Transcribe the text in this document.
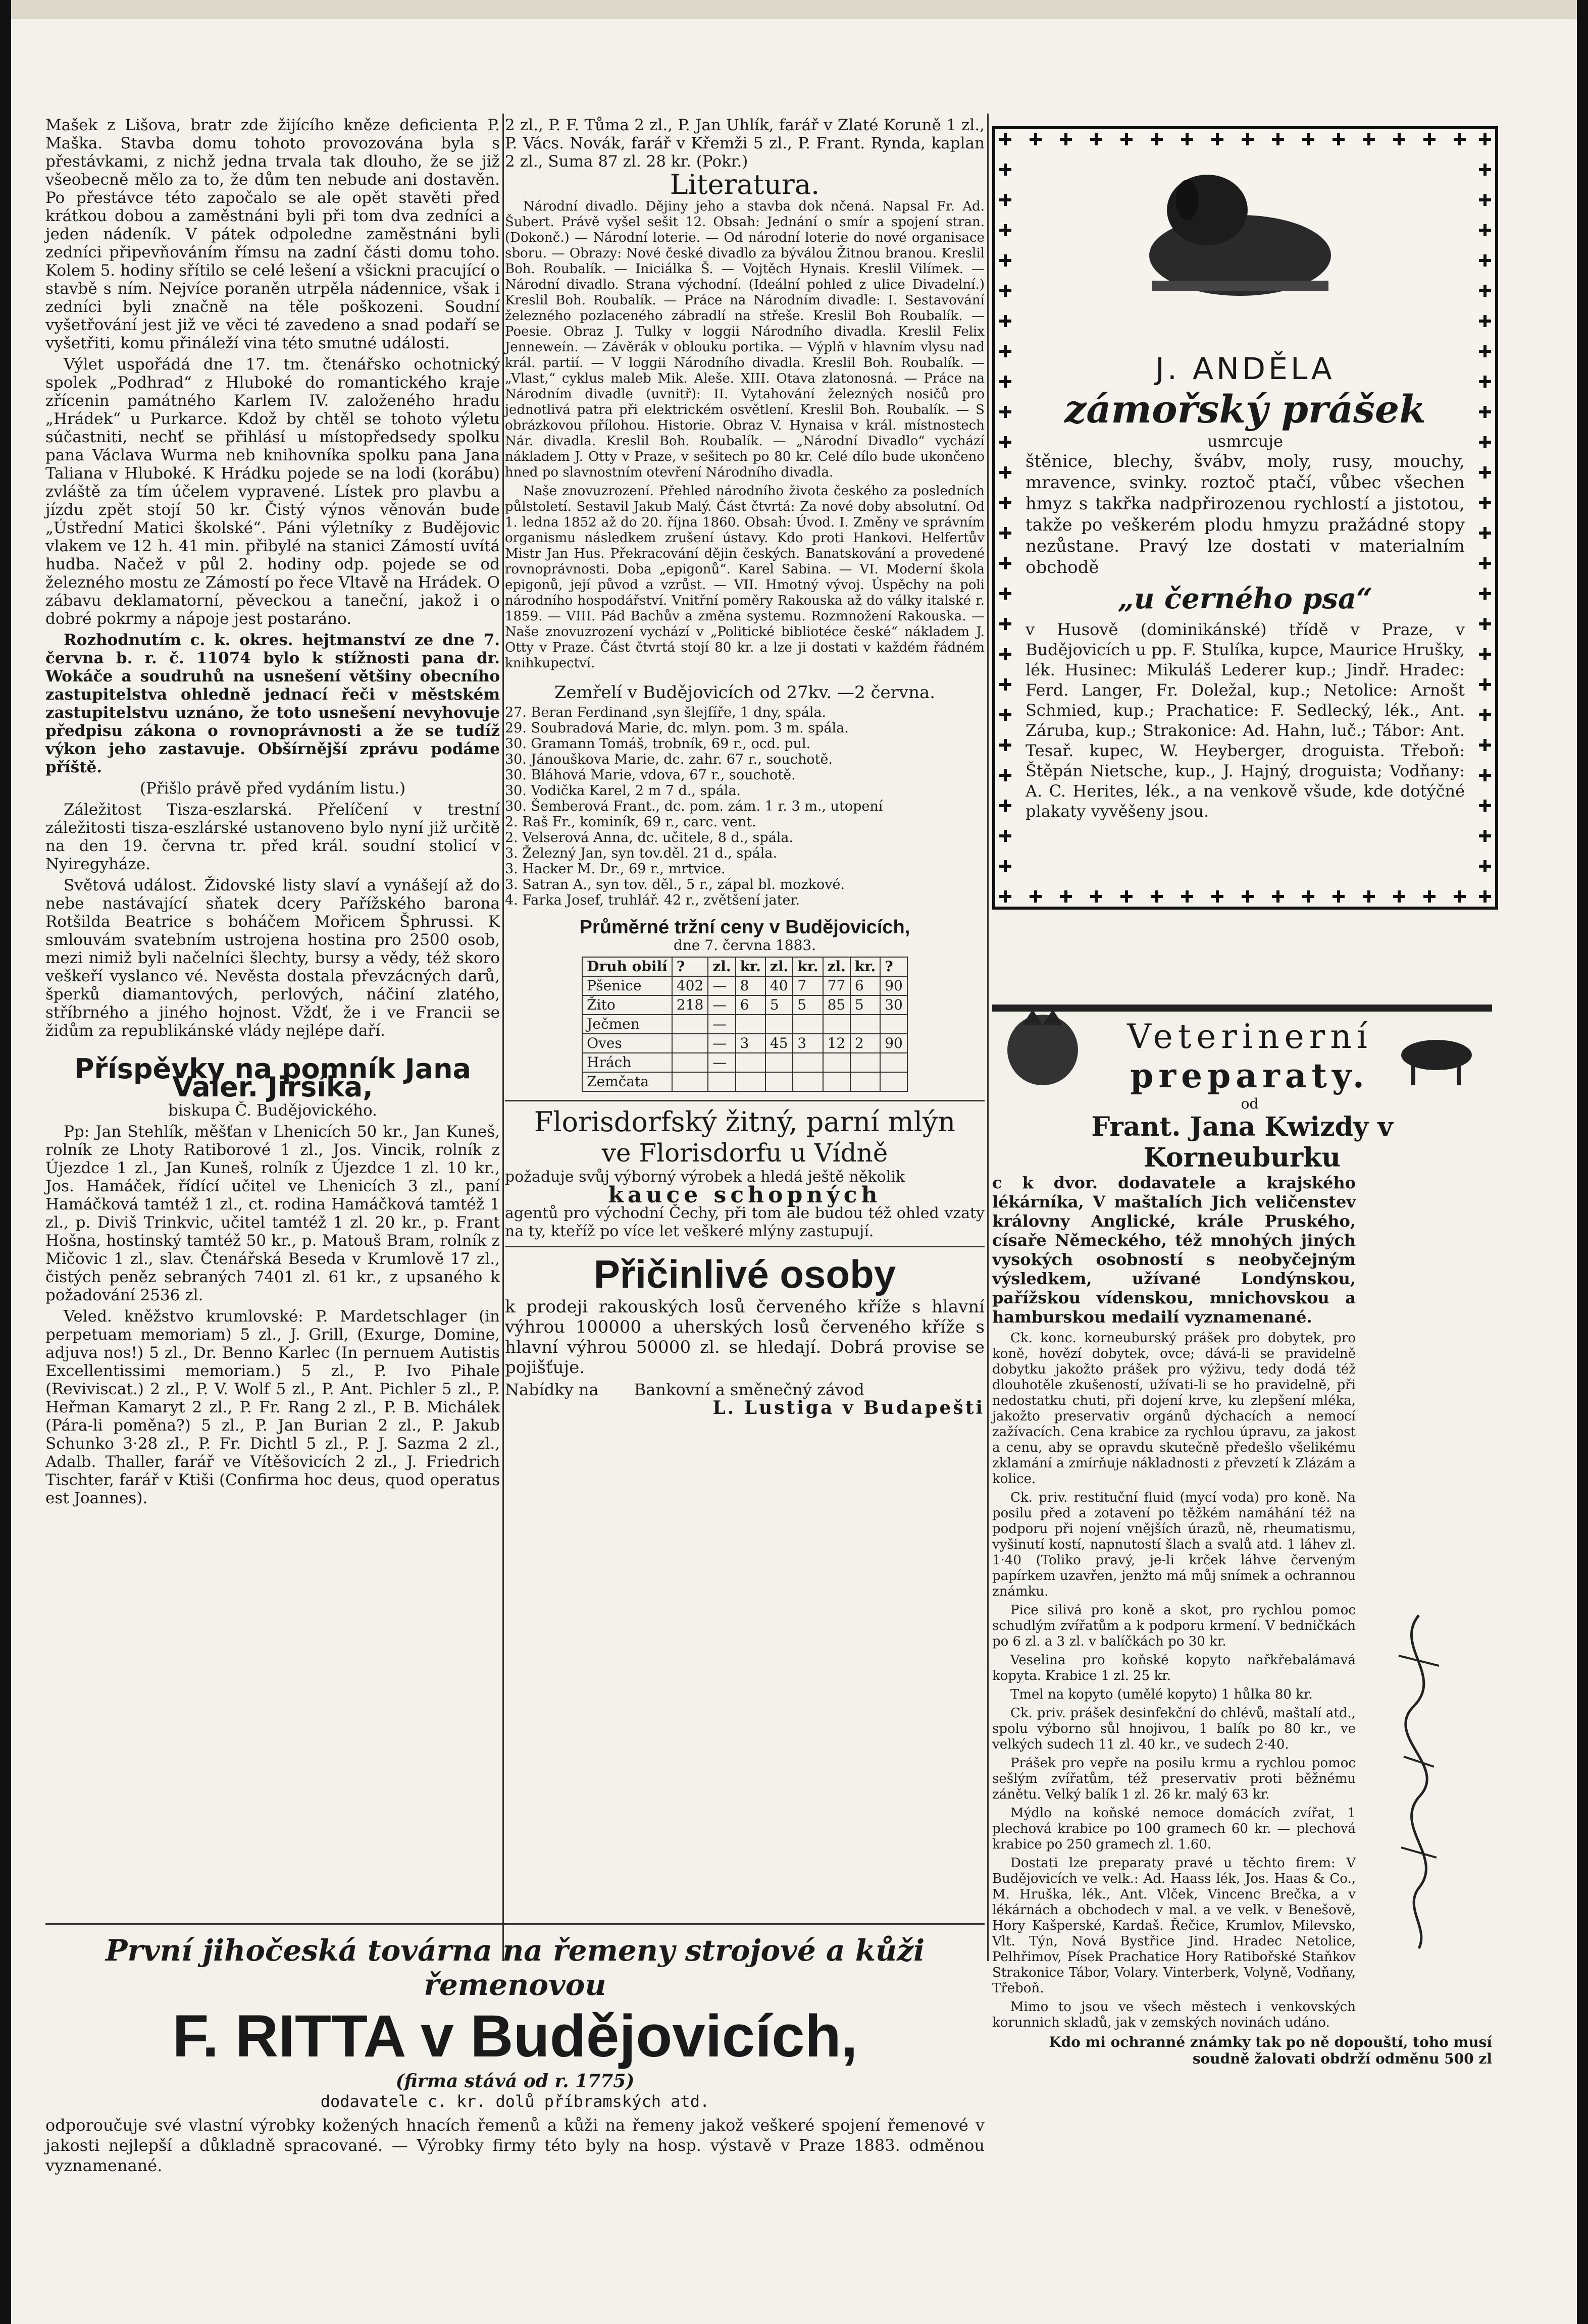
Mašek z Lišova, bratr zde žijícího kněze deficienta P. Maška. Stavba domu tohoto provozována byla s přestávkami, z nichž jedna trvala tak dlouho, že se již všeobecně mělo za to, že dům ten nebude ani dostavěn. Po přestávce této započalo se ale opět stavěti před krátkou dobou a zaměstnáni byli při tom dva zedníci a jeden nádeník. V pátek odpoledne zaměstnáni byli zedníci připevňováním římsu na zadní části domu toho. Kolem 5. hodiny sřítilo se celé lešení a všickni pracující o stavbě s ním. Nejvíce poraněn utrpěla nádennice, však i zedníci byli značně na těle poškozeni. Soudní vyšetřování jest již ve věci té zavedeno a snad podaří se vyšetřiti, komu přináleží vina této smutné události.

Výlet uspořádá dne 17. tm. čtenářsko ochotnický spolek „Podhrad“ z Hluboké do romantického kraje zřícenin památného Karlem IV. založeného hradu „Hrádek“ u Purkarce. Kdož by chtěl se tohoto výletu súčastniti, nechť se přihlásí u místopředsedy spolku pana Václava Wurma neb knihovníka spolku pana Jana Taliana v Hluboké. K Hrádku pojede se na lodi (korábu) zvláště za tím účelem vypravené. Lístek pro plavbu a jízdu zpět stojí 50 kr. Čistý výnos věnován bude „Ústřední Matici školské“. Páni výletníky z Budějovic vlakem ve 12 h. 41 min. přibylé na stanici Zámostí uvítá hudba. Načež v půl 2. hodiny odp. pojede se od železného mostu ze Zámostí po řece Vltavě na Hrádek. O zábavu deklamatorní, pěveckou a taneční, jakož i o dobré pokrmy a nápoje jest postaráno.

Rozhodnutím c. k. okres. hejtmanství ze dne 7. června b. r. č. 11074 bylo k stížnosti pana dr. Wokáče a soudruhů na usnešení většiny obecního zastupitelstva ohledně jednací řeči v městském zastupitelstvu uznáno, že toto usnešení nevyhovuje předpisu zákona o rovnoprávnosti a že se tudíž výkon jeho zastavuje. Obšírnější zprávu podáme příště.

(Přišlo právě před vydáním listu.)

Záležitost Tisza-eszlarská. Přelíčení v trestní záležitosti tisza-eszlárské ustanoveno bylo nyní již určitě na den 19. června tr. před král. soudní stolicí v Nyiregyháze.

Světová událost. Židovské listy slaví a vynášejí až do nebe nastávající sňatek dcery Pařížského barona Rotšilda Beatrice s boháčem Mořicem Šphrussi. K smlouvám svatebním ustrojena hostina pro 2500 osob, mezi nimiž byli načelníci šlechty, bursy a vědy, též skoro veškeří vyslanco vé. Nevěsta dostala převzácných darů, šperků diamantových, perlových, náčiní zlatého, stříbrného a jiného hojnost. Vždť, že i ve Francii se židům za republikánské vlády nejlépe daří.

Příspěvky na pomník Jana Valer. Jirsíka,

biskupa Č. Budějovického.

Pp: Jan Stehlík, měšťan v Lhenicích 50 kr., Jan Kuneš, rolník ze Lhoty Ratiborové 1 zl., Jos. Vincik, rolník z Újezdce 1 zl., Jan Kuneš, rolník z Újezdce 1 zl. 10 kr., Jos. Hamáček, řídící učitel ve Lhenicích 3 zl., paní Hamáčková tamtéž 1 zl., ct. rodina Hamáčková tamtéž 1 zl., p. Diviš Trinkvic, učitel tamtéž 1 zl. 20 kr., p. Frant Hošna, hostinský tamtéž 50 kr., p. Matouš Bram, rolník z Mičovic 1 zl., slav. Čtenářská Beseda v Krumlově 17 zl., čistých peněz sebraných 7401 zl. 61 kr., z upsaného k požadování 2536 zl.

Veled. kněžstvo krumlovské: P. Mardetschlager (in perpetuam memoriam) 5 zl., J. Grill, (Exurge, Domine, adjuva nos!) 5 zl., Dr. Benno Karlec (In pernuem Autistis Excellentissimi memoriam.) 5 zl., P. Ivo Pihale (Reviviscat.) 2 zl., P. V. Wolf 5 zl., P. Ant. Pichler 5 zl., P. Heřman Kamaryt 2 zl., P. Fr. Rang 2 zl., P. B. Michálek (Pára-li poměna?) 5 zl., P. Jan Burian 2 zl., P. Jakub Schunko 3·28 zl., P. Fr. Dichtl 5 zl., P. J. Sazma 2 zl., Adalb. Thaller, farář ve Vítěšovicích 2 zl., J. Friedrich Tischter, farář v Ktiši (Confirma hoc deus, quod operatus est Joannes).

2 zl., P. F. Tůma 2 zl., P. Jan Uhlík, farář v Zlaté Koruně 1 zl., P. Vács. Novák, farář v Křemži 5 zl., P. Frant. Rynda, kaplan 2 zl., Suma 87 zl. 28 kr. (Pokr.)

Literatura.

Národní divadlo. Dějiny jeho a stavba dok nčená. Napsal Fr. Ad. Šubert. Právě vyšel sešit 12. Obsah: Jednání o smír a spojení stran. (Dokonč.) — Národní loterie. — Od národní loterie do nové organisace sboru. — Obrazy: Nové české divadlo za býválou Žitnou branou. Kreslil Boh. Roubalík. — Iniciálka Š. — Vojtěch Hynais. Kreslil Vilímek. — Národní divadlo. Strana východní. (Ideální pohled z ulice Divadelní.) Kreslil Boh. Roubalík. — Práce na Národním divadle: I. Sestavování železného pozlaceného zábradlí na střeše. Kreslil Boh Roubalík. — Poesie. Obraz J. Tulky v loggii Národního divadla. Kreslil Felix Jenneweín. — Závěrák v oblouku portika. — Výplň v hlavním vlysu nad král. partií. — V loggii Národního divadla. Kreslil Boh. Roubalík. — „Vlast,“ cyklus maleb Mik. Aleše. XIII. Otava zlatonosná. — Práce na Národním divadle (uvnitř): II. Vytahování železných nosičů pro jednotlivá patra při elektrickém osvětlení. Kreslil Boh. Roubalík. — S obrázkovou přílohou. Historie. Obraz V. Hynaisa v král. místnostech Nár. divadla. Kreslil Boh. Roubalík. — „Národní Divadlo“ vychází nákladem J. Otty v Praze, v sešitech po 80 kr. Celé dílo bude ukončeno hned po slavnostním otevření Národního divadla.

Naše znovuzrození. Přehled národního života českého za posledních půlstoletí. Sestavil Jakub Malý. Část čtvrtá: Za nové doby absolutní. Od 1. ledna 1852 až do 20. října 1860. Obsah: Úvod. I. Změny ve správním organismu následkem zrušení ústavy. Kdo proti Hankovi. Helfertův Mistr Jan Hus. Překracování dějin českých. Banatskování a provedené rovnoprávnosti. Doba „epigonů“. Karel Sabina. — VI. Moderní škola epigonů, její původ a vzrůst. — VII. Hmotný vývoj. Úspěchy na poli národního hospodářství. Vnitřní poměry Rakouska až do války italské r. 1859. — VIII. Pád Bachův a změna systemu. Rozmnožení Rakouska. — Naše znovuzrození vychází v „Politické bibliotéce české“ nákladem J. Otty v Praze. Část čtvrtá stojí 80 kr. a lze ji dostati v každém řádném knihkupectví.

Zemřelí v Budějovicích od 27kv. —2 června.
27. Beran Ferdinand ,syn šlejfíře, 1 dny, spála.
29. Soubradová Marie, dc. mlyn. pom. 3 m. spála.
30. Gramann Tomáš, trobník, 69 r., ocd. pul.
30. Jánouškova Marie, dc. zahr. 67 r., souchotě.
30. Bláhová Marie, vdova, 67 r., souchotě.
30. Vodička Karel, 2 m 7 d., spála.
30. Šemberová Frant., dc. pom. zám. 1 r. 3 m., utopení
2. Raš Fr., kominík, 69 r., carc. vent.
2. Velserová Anna, dc. učitele, 8 d., spála.
3. Železný Jan, syn tov.děl. 21 d., spála.
3. Hacker M. Dr., 69 r., mrtvice.
3. Satran A., syn tov. děl., 5 r., zápal bl. mozkové.
4. Farka Josef, truhlář. 42 r., zvětšení jater.
Průměrné tržní ceny v Budějovicích,
dne 7. června 1883.
Druh obilí	?	zl.	kr.	zl.	kr.	zl.	kr.	?
Pšenice	402	—	8	40	7	77	6	90
Žito	218	—	6	5	5	85	5	30
Ječmen		—						
Oves		—	3	45	3	12	2	90
Hrách		—						
Zemčata								
Florisdorfský žitný, parní mlýn
ve Florisdorfu u Vídně
požaduje svůj výborný výrobek a hledá ještě několik
kauce schopných
agentů pro východní Čechy, při tom ale budou též ohled vzaty na ty, kteříž po více let veškeré mlýny zastupují.
Přičinlivé osoby
k prodeji rakouských losů červeného kříže s hlavní výhrou 100000 a uherských losů červeného kříže s hlavní výhrou 50000 zl. se hledají. Dobrá provise se pojišťuje.
Nabídky na Bankovní a směnečný závod
L. Lustiga v Budapešti
J. ANDĚLA
zámořský prášek
usmrcuje
štěnice, blechy, švábv, moly, rusy, mouchy, mravence, svinky. roztoč ptačí, vůbec všechen hmyz s takřka nadpřirozenou rychlostí a jistotou, takže po veškerém plodu hmyzu pražádné stopy nezůstane. Pravý lze dostati v materialním obchodě
„u černého psa“
v Husově (dominikánské) třídě v Praze, v Budějovicích u pp. F. Stulíka, kupce, Maurice Hrušky, lék. Husinec: Mikuláš Lederer kup.; Jindř. Hradec: Ferd. Langer, Fr. Doležal, kup.; Netolice: Arnošt Schmied, kup.; Prachatice: F. Sedlecký, lék., Ant. Záruba, kup.; Strakonice: Ad. Hahn, luč.; Tábor: Ant. Tesař. kupec, W. Heyberger, droguista. Třeboň: Štěpán Nietsche, kup., J. Hajný, droguista; Vodňany: A. C. Herites, lék., a na venkově všude, kde dotýčné plakaty vyvěšeny jsou.
Veterinerní
preparaty.
od
Frant. Jana Kwizdy v Korneuburku
c k dvor. dodavatele a krajského lékárníka, V maštalích Jich veličenstev královny Anglické, krále Pruského, císaře Německého, též mnohých jiných vysokých osobností s neobyčejným výsledkem, užívané Londýnskou, pařížskou vídenskou, mnichovskou a hamburskou medailí vyznamenané.

Ck. konc. korneuburský prášek pro dobytek, pro koně, hovězí dobytek, ovce; dává-li se pravidelně dobytku jakožto prášek pro výživu, tedy dodá též dlouhotěle zkušeností, užívati-li se ho pravidelně, při nedostatku chuti, při dojení krve, ku zlepšení mléka, jakožto preservativ orgánů dýchacích a nemocí zažívacích. Cena krabice za rychlou úpravu, za jakost a cenu, aby se opravdu skutečně předešlo všelikému zklamání a zmírňuje nákladnosti z převzetí k Zlázám a kolice.

Ck. priv. restituční fluid (mycí voda) pro koně. Na posilu před a zotavení po těžkém namáhání též na podporu při nojení vnějších úrazů, ně, rheumatismu, vyšinutí kostí, napnutostí šlach a svalů atd. 1 láhev zl. 1·40 (Toliko pravý, je-li krček láhve červeným papírkem uzavřen, jenžto má můj snímek a ochrannou známku.

Pice silivá pro koně a skot, pro rychlou pomoc schudlým zvířatům a k podporu krmení. V bedničkách po 6 zl. a 3 zl. v balíčkách po 30 kr.

Veselina pro koňské kopyto nařkřebalámavá kopyta. Krabice 1 zl. 25 kr.

Tmel na kopyto (umělé kopyto) 1 hůlka 80 kr.

Ck. priv. prášek desinfekční do chlévů, maštalí atd., spolu výborno sůl hnojivou, 1 balík po 80 kr., ve velkých sudech 11 zl. 40 kr., ve sudech 2·40.

Prášek pro vepře na posilu krmu a rychlou pomoc sešlým zvířatům, též preservativ proti běžnému zánětu. Velký balík 1 zl. 26 kr. malý 63 kr.

Mýdlo na koňské nemoce domácích zvířat, 1 plechová krabice po 100 gramech 60 kr. — plechová krabice po 250 gramech zl. 1.60.

Dostati lze preparaty pravé u těchto firem: V Budějovicích ve velk.: Ad. Haass lék, Jos. Haas & Co., M. Hruška, lék., Ant. Vlček, Vincenc Brečka, a v lékárnách a obchodech v mal. a ve velk. v Benešově, Hory Kašperské, Kardaš. Řečice, Krumlov, Milevsko, Vlt. Týn, Nová Bystřice Jind. Hradec Netolice, Pelhřimov, Písek Prachatice Hory Ratibořské Staňkov Strakonice Tábor, Volary. Vinterberk, Volyně, Vodňany, Třeboň.

Mimo to jsou ve všech městech i venkovských korunnich skladů, jak v zemských novinách udáno.

Kdo mi ochranné známky tak po ně dopouští, toho musí soudně žalovati obdrží odměnu 500 zl
První jihočeská továrna na řemeny strojové a kůži řemenovou
F. RITTA v Budějovicích,
(firma stává od r. 1775)
dodavatele c. kr. dolů příbramských atd.
odporoučuje své vlastní výrobky kožených hnacích řemenů a kůži na řemeny jakož veškeré spojení řemenové v jakosti nejlepší a důkladně spracované. — Výrobky firmy této byly na hosp. výstavě v Praze 1883. odměnou vyznamenané.
